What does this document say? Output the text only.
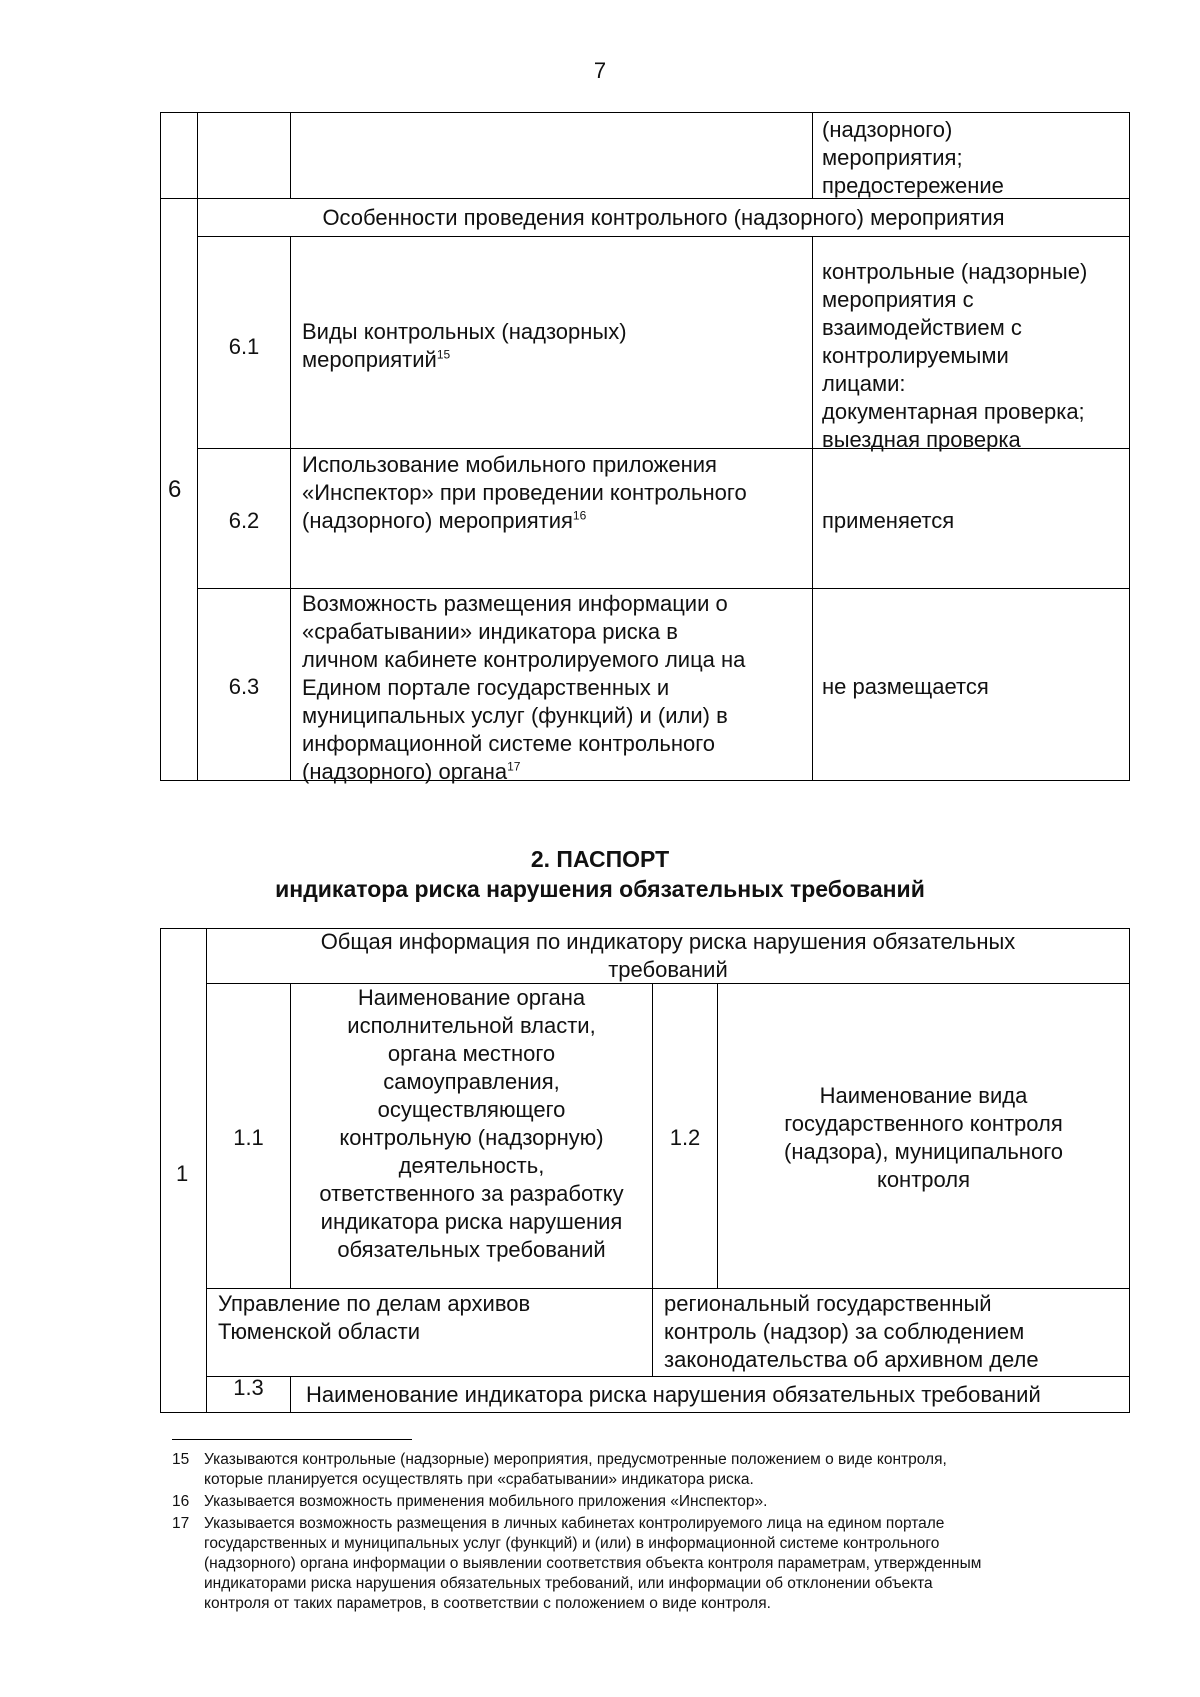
7
(надзорного)
мероприятия;
предостережение
6
Особенности проведения контрольного (надзорного) мероприятия
6.1
Виды контрольных (надзорных)
мероприятий$^{15}$
контрольные (надзорные)
мероприятия с
взаимодействием с
контролируемыми
лицами:
документарная проверка;
выездная проверка
6.2
Использование мобильного приложения
«Инспектор» при проведении контрольного
(надзорного) мероприятия$^{16}$	применяется
6.3
Возможность размещения информации о
«срабатывании» индикатора риска в
личном кабинете контролируемого лица на
Едином портале государственных и
муниципальных услуг (функций) и (или) в
информационной системе контрольного
(надзорного) органа$^{17}$
не размещается
2. ПАСПОРТ
индикатора риска нарушения обязательных требований
1
Общая информация по индикатору риска нарушения обязательных
требований
1.1
Наименование органа
исполнительной власти,
органа местного
самоуправления,
осуществляющего
контрольную (надзорную)
деятельность,
ответственного за разработку
индикатора риска нарушения
обязательных требований
1.2
Наименование вида
государственного контроля
(надзора), муниципального
контроля
Управление по делам архивов
Тюменской области
региональный государственный
контроль (надзор) за соблюдением
законодательства об архивном деле
1.3	Наименование индикатора риска нарушения обязательных требований
15 Указываются контрольные (надзорные) мероприятия, предусмотренные положением о виде контроля,
которые планируется осуществлять при «срабатывании» индикатора риска.
16 Указывается возможность применения мобильного приложения «Инспектор».
17 Указывается возможность размещения в личных кабинетах контролируемого лица на едином портале
государственных и муниципальных услуг (функций) и (или) в информационной системе контрольного
(надзорного) органа информации о выявлении соответствия объекта контроля параметрам, утвержденным
индикаторами риска нарушения обязательных требований, или информации об отклонении объекта
контроля от таких параметров, в соответствии с положением о виде контроля.
